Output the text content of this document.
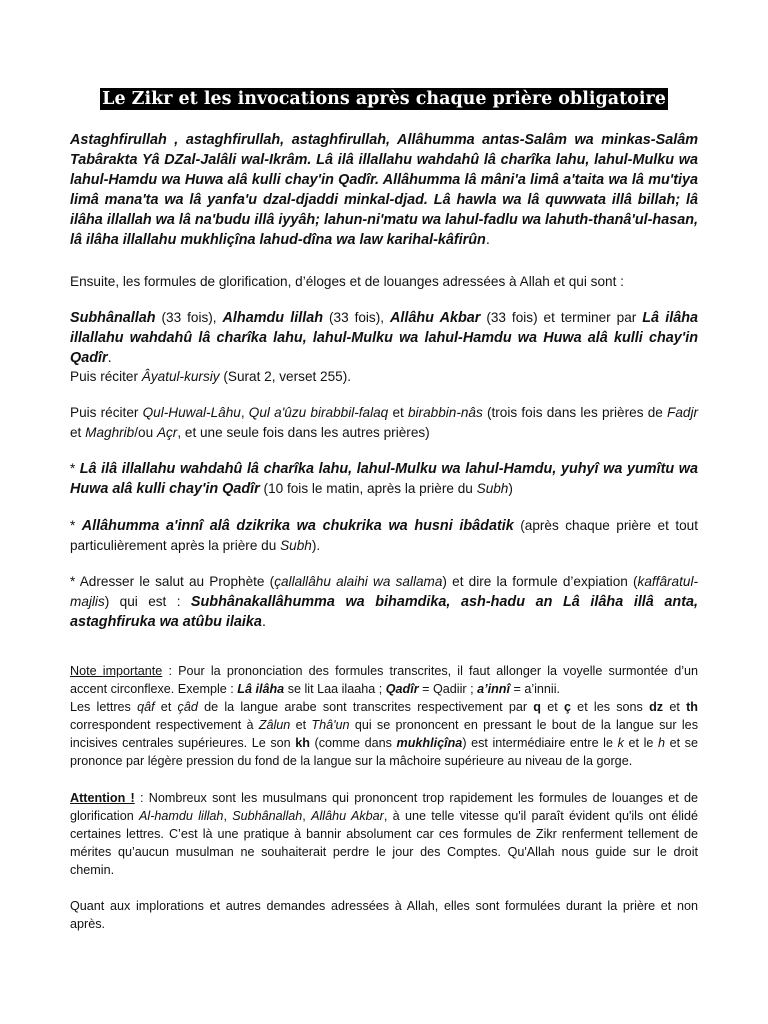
Le Zikr et les invocations après chaque prière obligatoire
Astaghfirullah , astaghfirullah, astaghfirullah, Allâhumma antas-Salâm wa minkas-Salâm Tabârakta Yâ DZal-Jalâli wal-Ikrâm. Lâ ilâ illallahu wahdahû lâ charîka lahu, lahul-Mulku wa lahul-Hamdu wa Huwa alâ kulli chay'in Qadîr. Allâhumma lâ mâni'a limâ a'taita wa lâ mu'tiya limâ mana'ta wa lâ yanfa'u dzal-djaddi minkal-djad. Lâ hawla wa lâ quwwata illâ billah; lâ ilâha illallah wa lâ na'budu illâ iyyâh; lahun-ni'matu wa lahul-fadlu wa lahuth-thanâ'ul-hasan, lâ ilâha illallahu mukhliçîna lahud-dîna wa law karihal-kâfirûn.
Ensuite, les formules de glorification, d’éloges et de louanges adressées à Allah et qui sont :
Subhânallah (33 fois), Alhamdu lillah (33 fois), Allâhu Akbar (33 fois) et terminer par Lâ ilâha illallahu wahdahû lâ charîka lahu, lahul-Mulku wa lahul-Hamdu wa Huwa alâ kulli chay'in Qadîr.
Puis réciter Âyatul-kursiy (Surat 2, verset 255).
Puis réciter Qul-Huwal-Lâhu, Qul a'ûzu birabbil-falaq et birabbin-nâs (trois fois dans les prières de Fadjr et Maghrib/ou Açr, et une seule fois dans les autres prières)
* Lâ ilâ illallahu wahdahû lâ charîka lahu, lahul-Mulku wa lahul-Hamdu, yuhyî wa yumîtu wa Huwa alâ kulli chay'in Qadîr (10 fois le matin, après la prière du Subh)
* Allâhumma a'innî alâ dzikrika wa chukrika wa husni ibâdatik (après chaque prière et tout particulièrement après la prière du Subh).
* Adresser le salut au Prophète (çallallâhu alaihi wa sallama) et dire la formule d’expiation (kaffâratul-majlis) qui est : Subhânakallâhumma wa bihamdika, ash-hadu an Lâ ilâha illâ anta, astaghfiruka wa atûbu ilaika.
Note importante : Pour la prononciation des formules transcrites, il faut allonger la voyelle surmontée d’un accent circonflexe. Exemple : Lâ ilâha se lit Laa ilaaha ; Qadîr = Qadiir ; a’innî = a’innii.
Les lettres qâf et çâd de la langue arabe sont transcrites respectivement par q et ç et les sons dz et th correspondent respectivement à Zâlun et Thâ'un qui se prononcent en pressant le bout de la langue sur les incisives centrales supérieures. Le son kh (comme dans mukhliçîna) est intermédiaire entre le k et le h et se prononce par légère pression du fond de la langue sur la mâchoire supérieure au niveau de la gorge.
Attention ! : Nombreux sont les musulmans qui prononcent trop rapidement les formules de louanges et de glorification Al-hamdu lillah, Subhânallah, Allâhu Akbar, à une telle vitesse qu'il paraît évident qu'ils ont élidé certaines lettres. C’est là une pratique à bannir absolument car ces formules de Zikr renferment tellement de mérites qu’aucun musulman ne souhaiterait perdre le jour des Comptes. Qu'Allah nous guide sur le droit chemin.
Quant aux implorations et autres demandes adressées à Allah, elles sont formulées durant la prière et non après.
